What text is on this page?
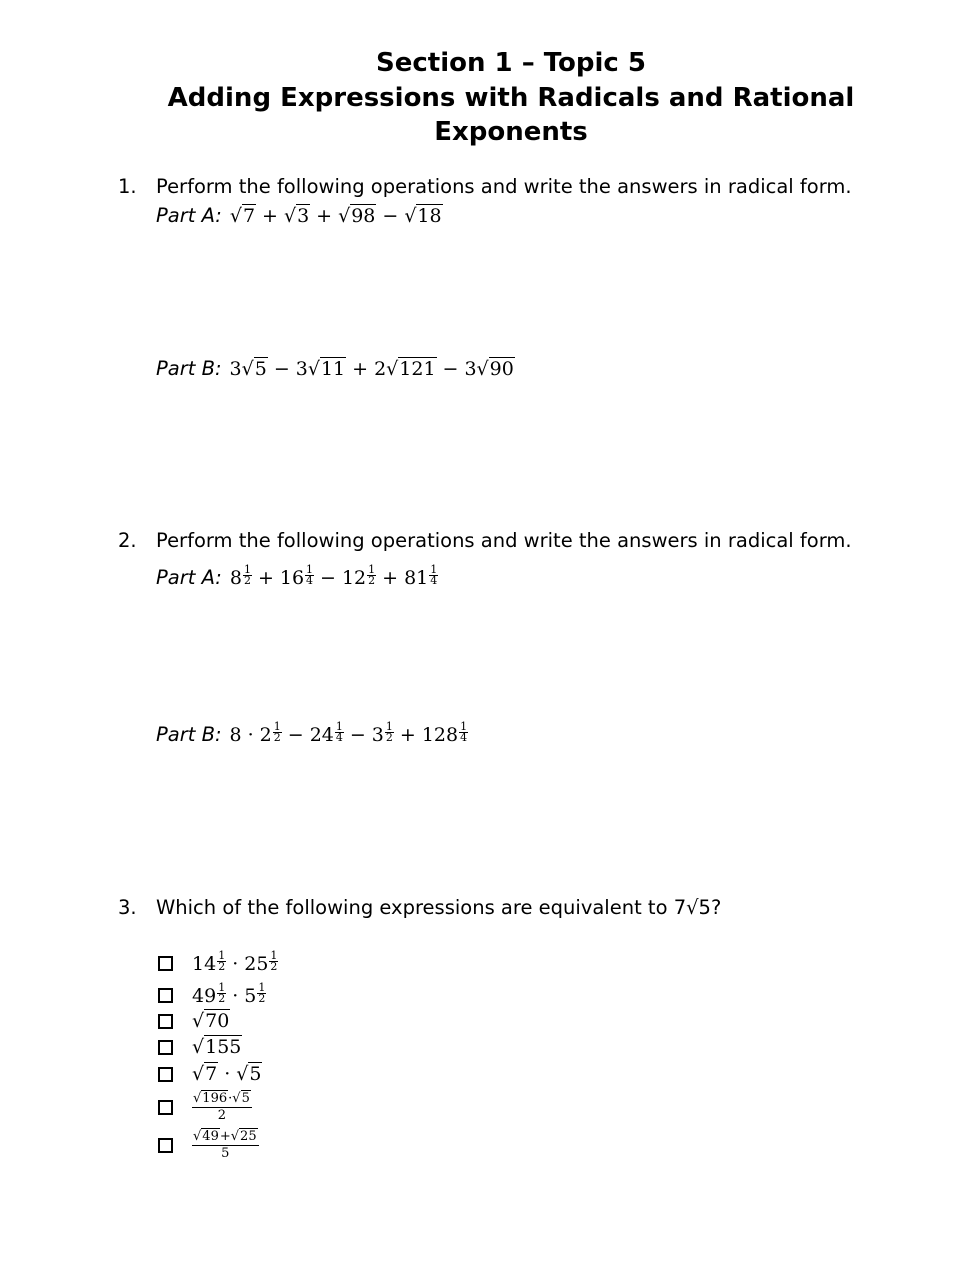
Section 1 – Topic 5
Adding Expressions with Radicals and Rational
Exponents
1. Perform the following operations and write the answers in radical form.
Part A: √7 + √3 + √98 − √18
Part B: 3√5 − 3√11 + 2√121 − 3√90
2. Perform the following operations and write the answers in radical form.
Part A: $8 \frac{1}{2} + 16 \frac{1}{4} - 12 \frac{1}{2} + 81 \frac{1}{4}$
Part B: $8 \cdot 2 \frac{1}{2} - 24 \frac{1}{4} - 3 \frac{1}{2} + 128 \frac{1}{4}$
3. Which of the following expressions are equivalent to 7√5?
$14 \frac{1}{2} \cdot 25 \frac{1}{2}$
$49 \frac{1}{2} \cdot 5 \frac{1}{2}$
√70
√155
√7 · √5
$\frac{√196\cdot√5}{2}$
$\frac{√49+√25}{5}$
